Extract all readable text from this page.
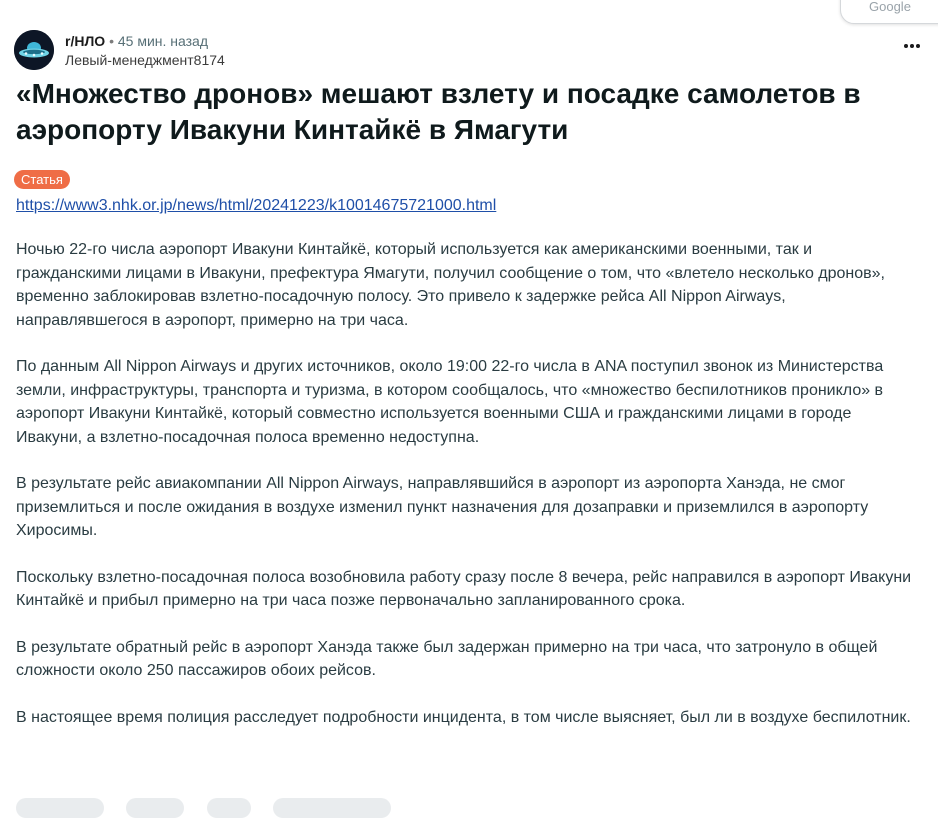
Google
r/НЛО • 45 мин. назад
Левый-менеджмент8174
«Множество дронов» мешают взлету и посадке самолетов в аэропорту Ивакуни Кинтайкё в Ямагути
Статья
https://www3.nhk.or.jp/news/html/20241223/k10014675721000.html

Ночью 22-го числа аэропорт Ивакуни Кинтайкё, который используется как американскими военными, так и гражданскими лицами в Ивакуни, префектура Ямагути, получил сообщение о том, что «влетело несколько дронов», временно заблокировав взлетно-посадочную полосу. Это привело к задержке рейса All Nippon Airways, направлявшегося в аэропорт, примерно на три часа.

По данным All Nippon Airways и других источников, около 19:00 22-го числа в ANA поступил звонок из Министерства земли, инфраструктуры, транспорта и туризма, в котором сообщалось, что «множество беспилотников проникло» в аэропорт Ивакуни Кинтайкё, который совместно используется военными США и гражданскими лицами в городе Ивакуни, а взлетно-посадочная полоса временно недоступна.

В результате рейс авиакомпании All Nippon Airways, направлявшийся в аэропорт из аэропорта Ханэда, не смог приземлиться и после ожидания в воздухе изменил пункт назначения для дозаправки и приземлился в аэропорту Хиросимы.

Поскольку взлетно-посадочная полоса возобновила работу сразу после 8 вечера, рейс направился в аэропорт Ивакуни Кинтайкё и прибыл примерно на три часа позже первоначально запланированного срока.

В результате обратный рейс в аэропорт Ханэда также был задержан примерно на три часа, что затронуло в общей сложности около 250 пассажиров обоих рейсов.

В настоящее время полиция расследует подробности инцидента, в том числе выясняет, был ли в воздухе беспилотник.
